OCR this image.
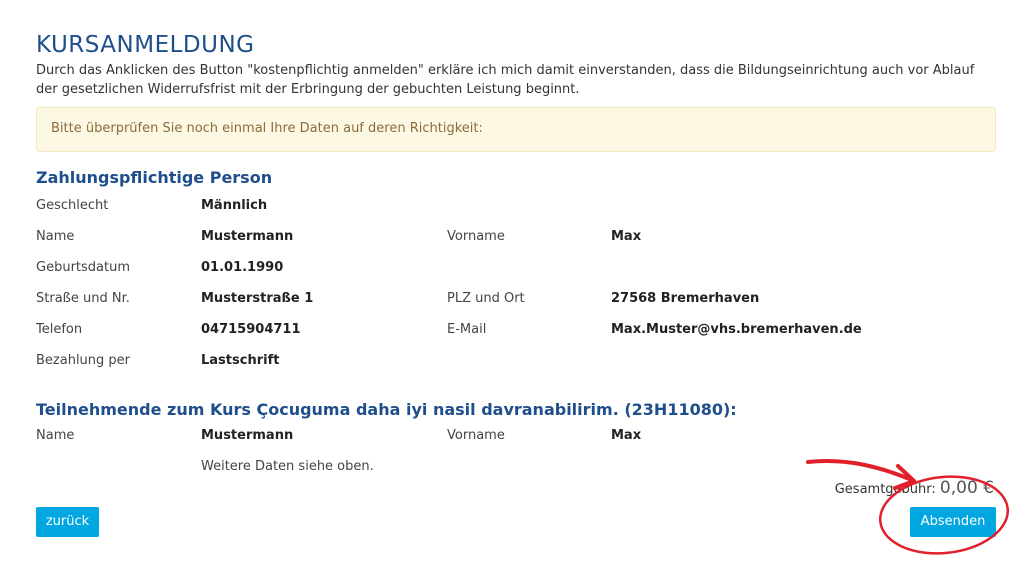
KURSANMELDUNG

Durch das Anklicken des Button "kostenpflichtig anmelden" erkläre ich mich damit einverstanden, dass die Bildungseinrichtung auch vor Ablauf der gesetzlichen Widerrufsfrist mit der Erbringung der gebuchten Leistung beginnt.

Bitte überprüfen Sie noch einmal Ihre Daten auf deren Richtigkeit:
Zahlungspflichtige Person
Geschlecht	Männlich
Name	Mustermann	Vorname	Max
Geburtsdatum	01.01.1990
Straße und Nr.	Musterstraße 1	PLZ und Ort	27568 Bremerhaven
Telefon	04715904711	E-Mail	Max.Muster@vhs.bremerhaven.de
Bezahlung per	Lastschrift
Teilnehmende zum Kurs Çocuguma daha iyi nasil davranabilirim. (23H11080):
Name	Mustermann	Vorname	Max
Weitere Daten siehe oben.
Gesamtgebühr: 0,00 €
zurück	Absenden
